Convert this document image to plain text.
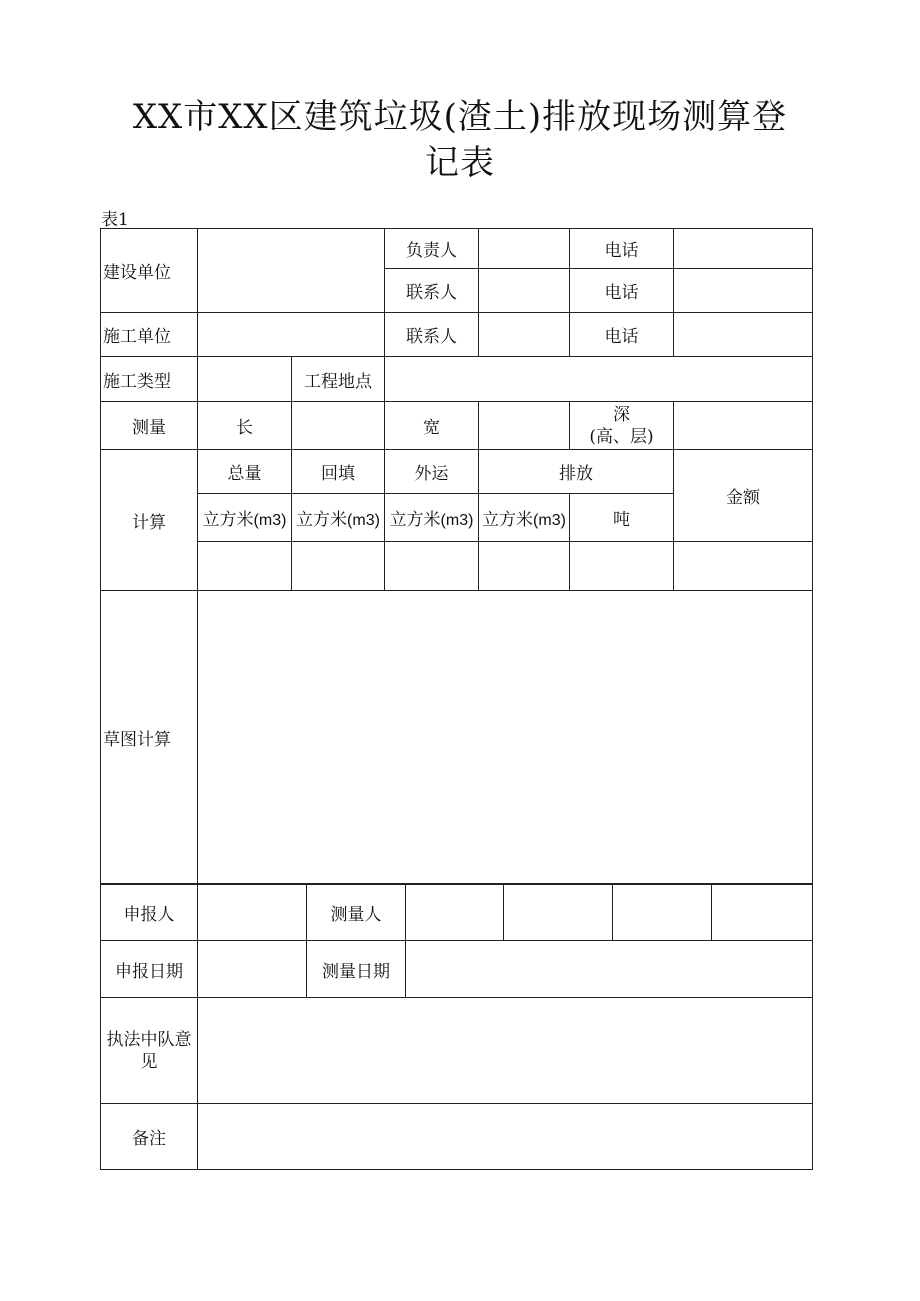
XX市XX区建筑垃圾(渣土)排放现场测算登
记表
表1
建设单位			负责人		电话	
			联系人		电话	
施工单位			联系人		电话	
施工类型		工程地点				
测量	长		宽		深
(高、层)	
计算	总量	回填	外运	排放		金额
	立方米(m3)	立方米(m3)	立方米(m3)	立方米(m3)	吨	

草图计算						
申报人		测量人				
申报日期		测量日期				
执法中队意
见						
备注						
